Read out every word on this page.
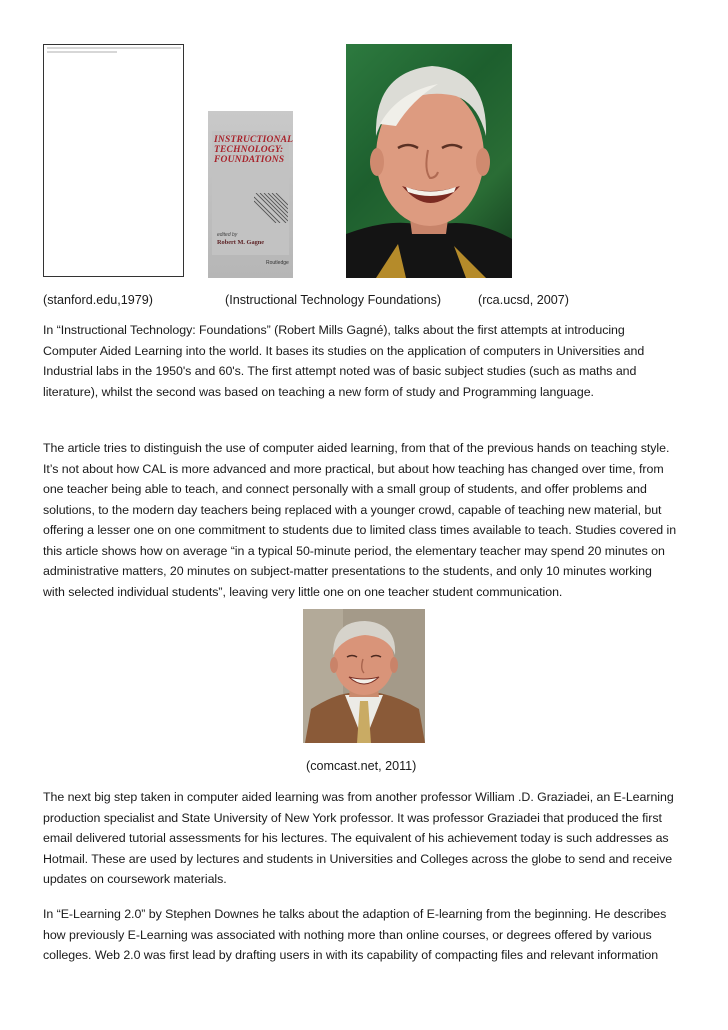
INSTRUCTIONAL TECHNOLOGY: FOUNDATIONS
edited by
Robert M. Gagne
Routledge
(stanford.edu,1979)	(Instructional Technology Foundations)	(rca.ucsd, 2007)
In “Instructional Technology: Foundations” (Robert Mills Gagné), talks about the first attempts at introducing
Computer Aided Learning into the world. It bases its studies on the application of computers in Universities and
Industrial labs in the 1950's and 60's. The first attempt noted was of basic subject studies (such as maths and
literature), whilst the second was based on teaching a new form of study and Programming language.
The article tries to distinguish the use of computer aided learning, from that of the previous hands on teaching style.
It’s not about how CAL is more advanced and more practical, but about how teaching has changed over time, from
one teacher being able to teach, and connect personally with a small group of students, and offer problems and
solutions, to the modern day teachers being replaced with a younger crowd, capable of teaching new material, but
offering a lesser one on one commitment to students due to limited class times available to teach. Studies covered in
this article shows how on average “in a typical 50-minute period, the elementary teacher may spend 20 minutes on
administrative matters, 20 minutes on subject-matter presentations to the students, and only 10 minutes working
with selected individual students”, leaving very little one on one teacher student communication.
(comcast.net, 2011)
The next big step taken in computer aided learning was from another professor William .D. Graziadei, an E-Learning
production specialist and State University of New York professor. It was professor Graziadei that produced the first
email delivered tutorial assessments for his lectures. The equivalent of his achievement today is such addresses as
Hotmail. These are used by lectures and students in Universities and Colleges across the globe to send and receive
updates on coursework materials.
In “E-Learning 2.0” by Stephen Downes he talks about the adaption of E-learning from the beginning. He describes
how previously E-Learning was associated with nothing more than online courses, or degrees offered by various
colleges. Web 2.0 was first lead by drafting users in with its capability of compacting files and relevant information
